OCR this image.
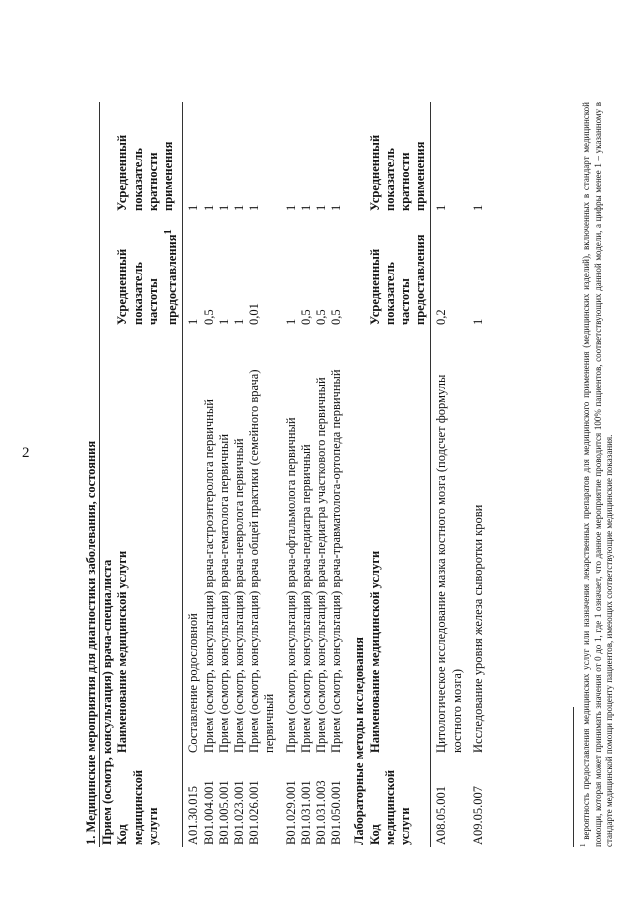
2	1. Медицинские мероприятия для диагностики заболевания, состояния Прием (осмотр, консультация) врача-специалиста			
Код медицинской услуги	Наименование медицинской услуги	Усредненный показатель частоты предоставления$^1$	Усредненный показатель кратности применения
A01.30.015	Составление родословной	1	1
B01.004.001	Прием (осмотр, консультация) врача-гастроэнтеролога первичный	0,5	1
B01.005.001	Прием (осмотр, консультация) врача-гематолога первичный	1	1
B01.023.001	Прием (осмотр, консультация) врача-невролога первичный	1	1
B01.026.001	Прием (осмотр, консультация) врача общей практики (семейного врача) первичный	0,01	1
B01.029.001	Прием (осмотр, консультация) врача-офтальмолога первичный	1	1
B01.031.001	Прием (осмотр, консультация) врача-педиатра первичный	0,5	1
B01.031.003	Прием (осмотр, консультация) врача-педиатра участкового первичный	0,5	1
B01.050.001	Прием (осмотр, консультация) врача-травматолога-ортопеда первичный	0,5	1
Лабораторные методы исследования			
Код медицинской услуги	Наименование медицинской услуги	Усредненный показатель частоты предоставления	Усредненный показатель кратности применения
A08.05.001	Цитологическое исследование мазка костного мозга (подсчет формулы костного мозга)	0,2	1
A09.05.007	Исследование уровня железа сыворотки крови	1	1
$^1$ вероятность предоставления медицинских услуг или назначения лекарственных препаратов для медицинского применения (медицинских изделий), включенных в стандарт медицинской помощи, которая может принимать значения от 0 до 1, где 1 означает, что данное мероприятие проводится 100% пациентов, соответствующих данной модели, а цифры менее 1 – указанному в стандарте медицинской помощи проценту пациентов, имеющих соответствующие медицинские показания.
